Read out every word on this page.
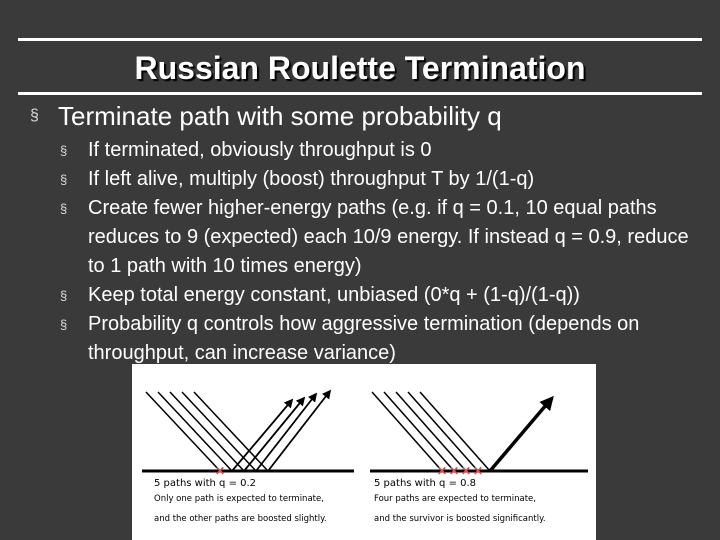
Russian Roulette Termination
§ Terminate path with some probability q
§ If terminated, obviously throughput is 0
§ If left alive, multiply (boost) throughput T by 1/(1-q)
§ Create fewer higher-energy paths (e.g. if q = 0.1, 10 equal paths reduces to 9 (expected) each 10/9 energy. If instead q = 0.9, reduce to 1 path with 10 times energy)
§ Keep total energy constant, unbiased (0*q + (1-q)/(1-q))
§ Probability q controls how aggressive termination (depends on throughput, can increase variance)
✕
5 paths with q = 0.2
Only one path is expected to terminate,
and the other paths are boosted slightly.
✕ ✕ ✕ ✕
5 paths with q = 0.8
Four paths are expected to terminate,
and the survivor is boosted significantly.
